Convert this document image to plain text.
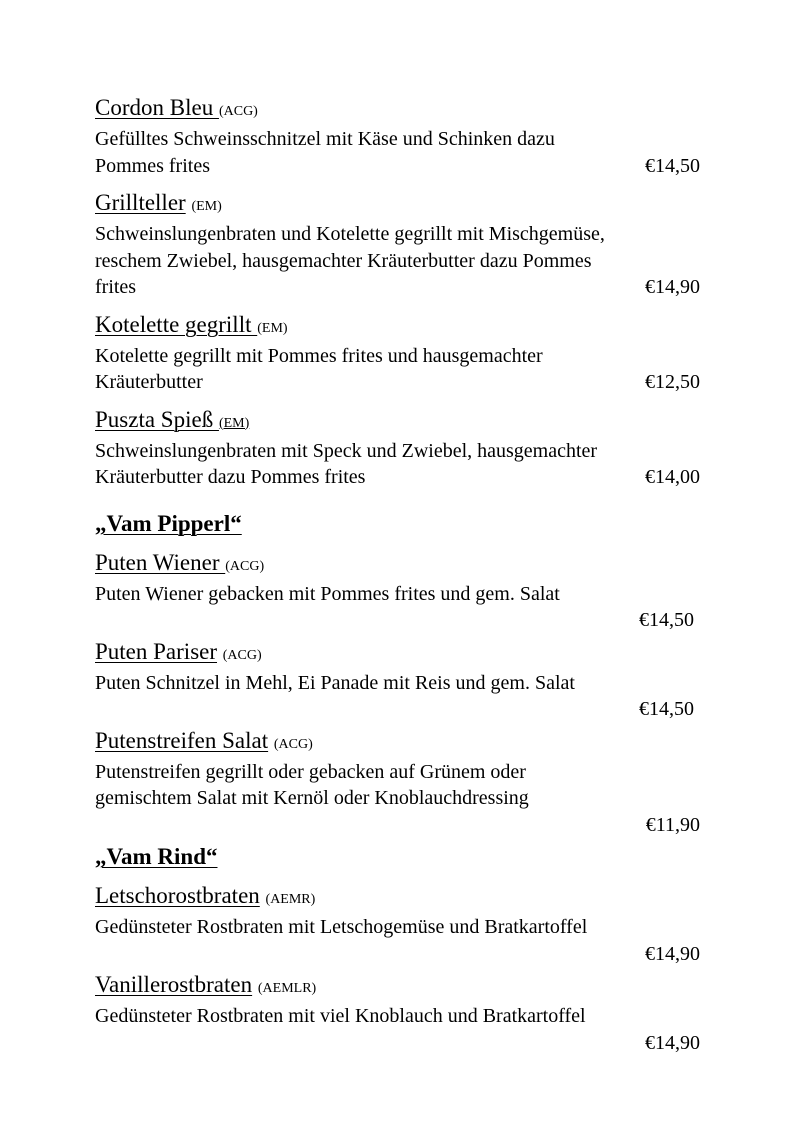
Cordon Bleu (ACG)
Gefülltes Schweinsschnitzel mit Käse und Schinken dazu
Pommes frites	€14,50
Grillteller (EM)
Schweinslungenbraten und Kotelette gegrillt mit Mischgemüse,
reschem Zwiebel, hausgemachter Kräuterbutter dazu Pommes
frites	€14,90
Kotelette gegrillt (EM)
Kotelette gegrillt mit Pommes frites und hausgemachter
Kräuterbutter	€12,50
Puszta Spieß (EM)
Schweinslungenbraten mit Speck und Zwiebel, hausgemachter
Kräuterbutter dazu Pommes frites	€14,00
„Vam Pipperl“
Puten Wiener (ACG)
Puten Wiener gebacken mit Pommes frites und gem. Salat
€14,50
Puten Pariser (ACG)
Puten Schnitzel in Mehl, Ei Panade mit Reis und gem. Salat
€14,50
Putenstreifen Salat (ACG)
Putenstreifen gegrillt oder gebacken auf Grünem oder
gemischtem Salat mit Kernöl oder Knoblauchdressing
€11,90
„Vam Rind“
Letschorostbraten (AEMR)
Gedünsteter Rostbraten mit Letschogemüse und Bratkartoffel
€14,90
Vanillerostbraten (AEMLR)
Gedünsteter Rostbraten mit viel Knoblauch und Bratkartoffel
€14,90
